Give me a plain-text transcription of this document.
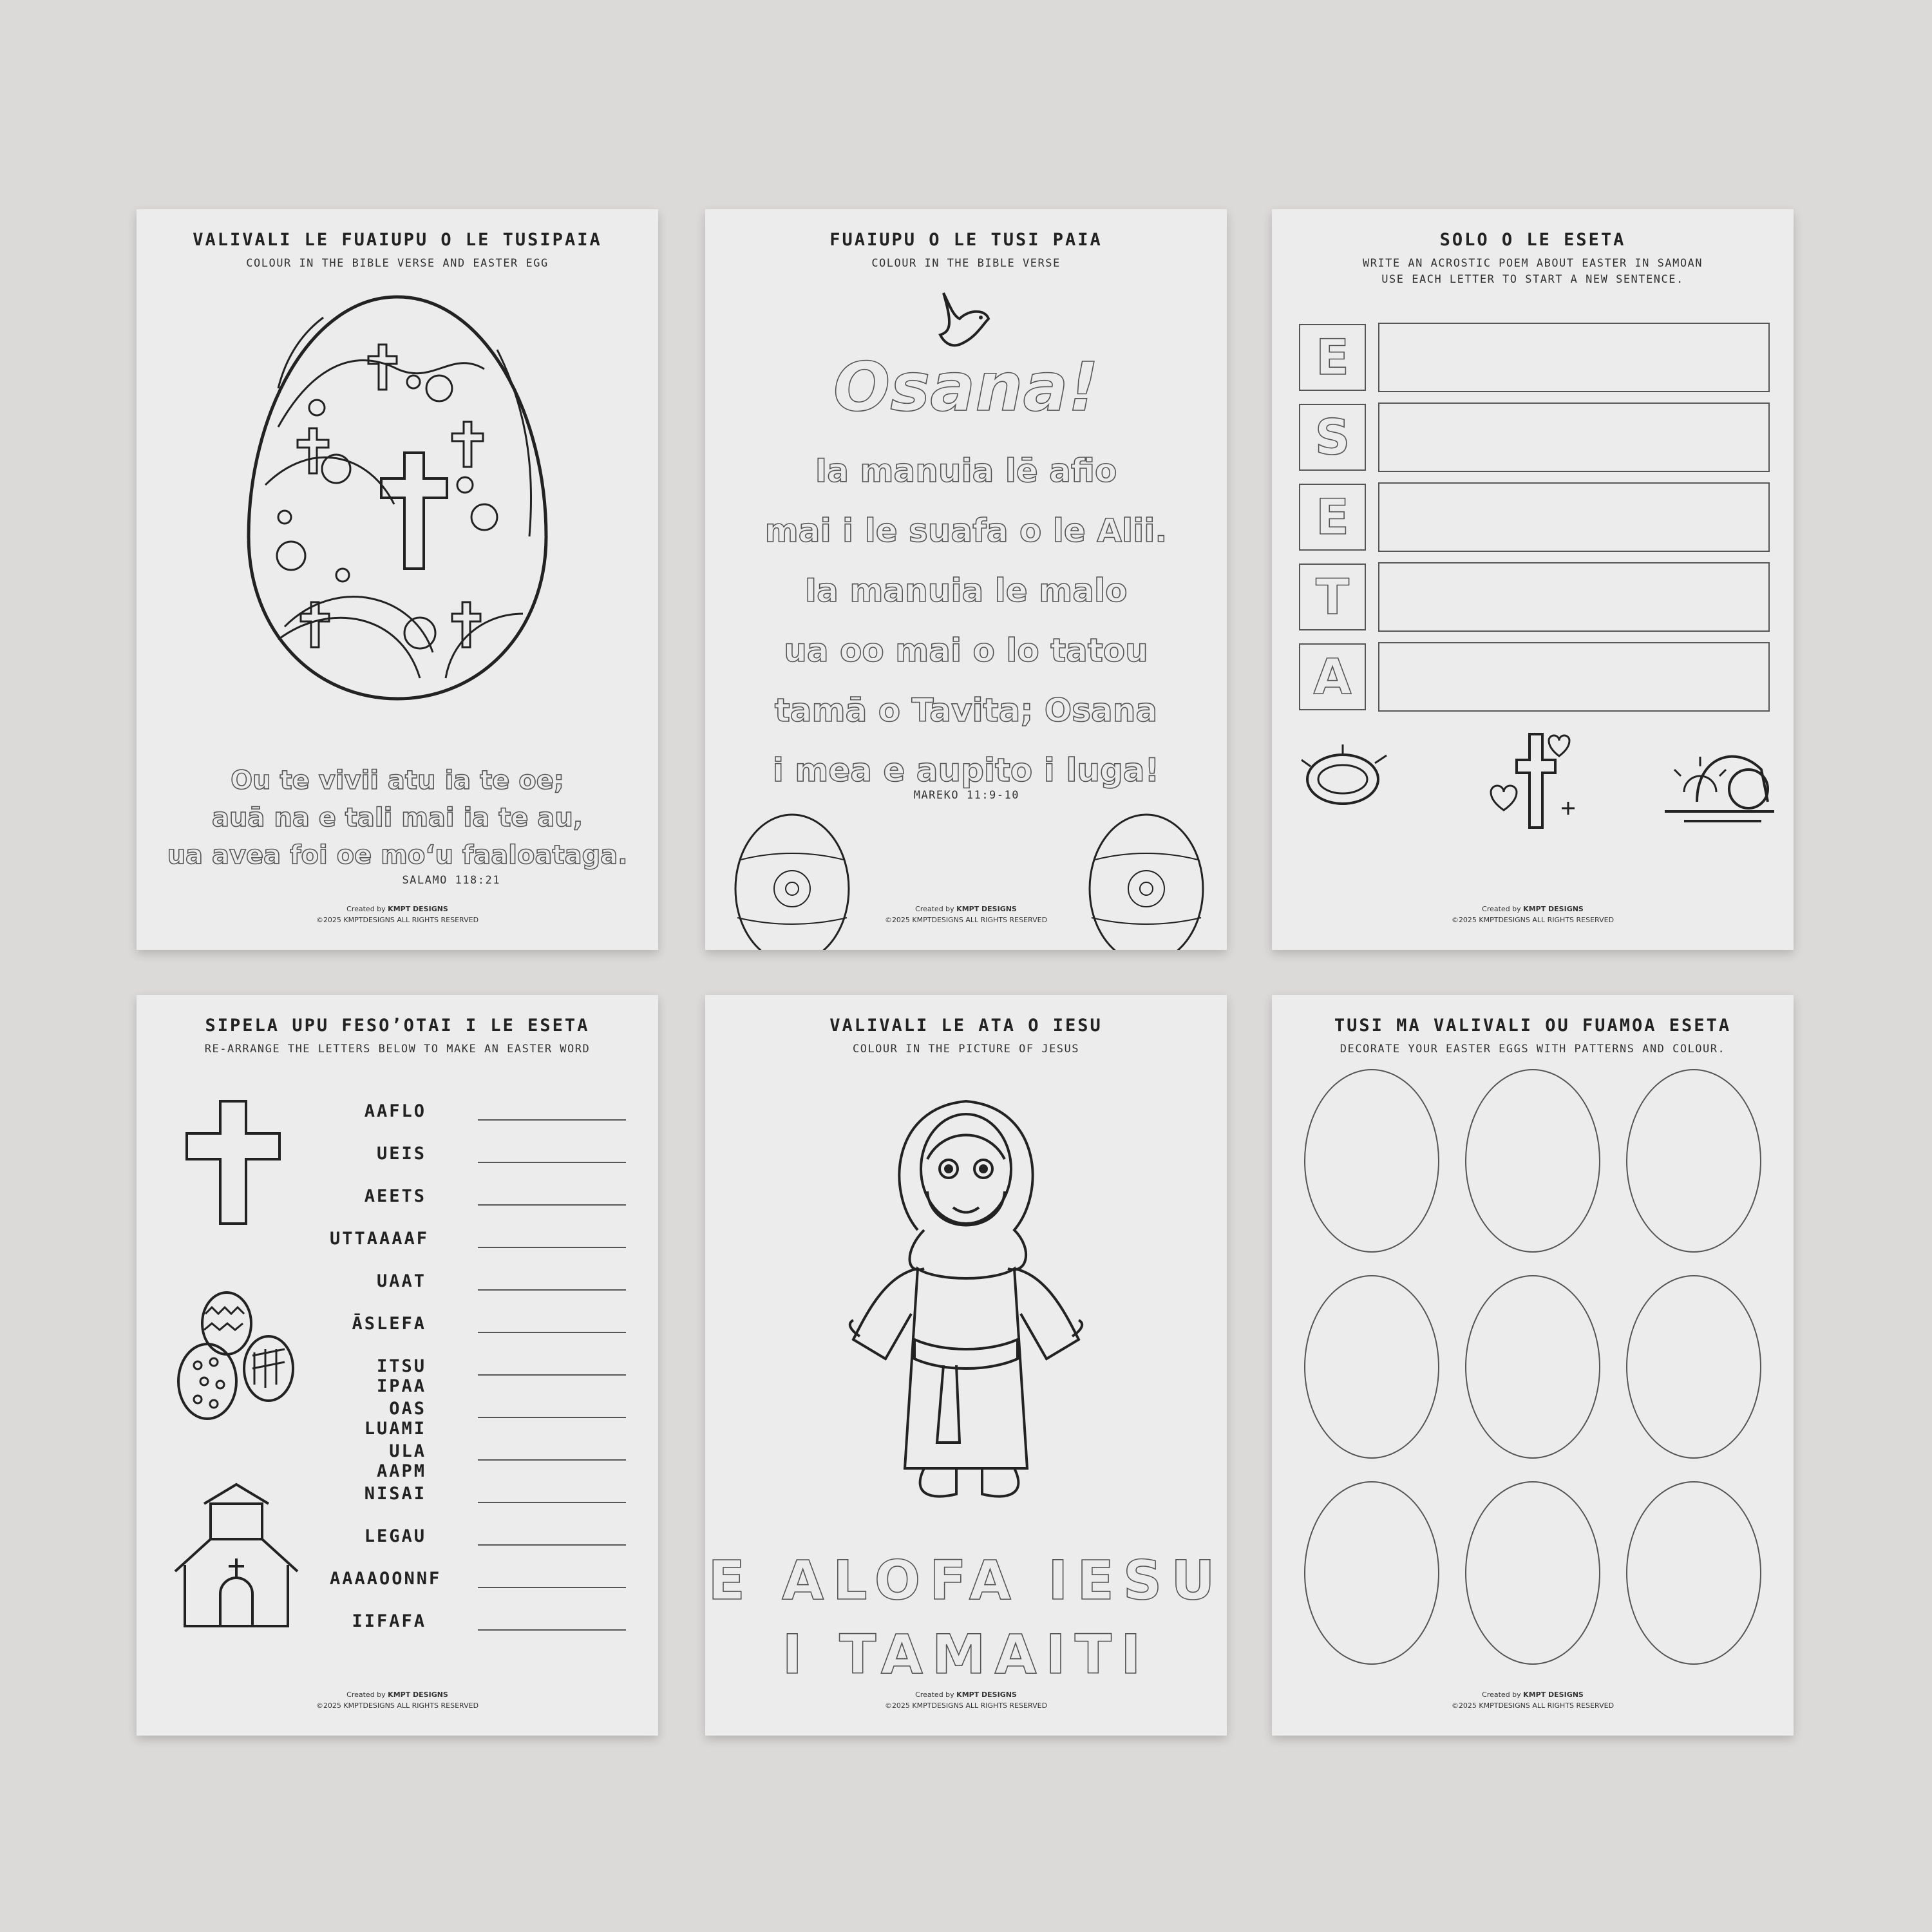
VALIVALI LE FUAIUPU O LE TUSIPAIA
COLOUR IN THE BIBLE VERSE AND EASTER EGG
Ou te vivii atu ia te oe;
auā na e tali mai ia te au,
ua avea foi oe mo‘u faaloataga.
SALAMO 118:21
Created by KMPT DESIGNS
©2025 KMPTDESIGNS ALL RIGHTS RESERVED
FUAIUPU O LE TUSI PAIA
COLOUR IN THE BIBLE VERSE
Osana!
Ia manuia lē afio
mai i le suafa o le Alii.
Ia manuia le malo
ua oo mai o lo tatou
tamā o Tavita; Osana
i mea e aupito i luga!
MAREKO 11:9-10
Created by KMPT DESIGNS
©2025 KMPTDESIGNS ALL RIGHTS RESERVED
SOLO O LE ESETA
WRITE AN ACROSTIC POEM ABOUT EASTER IN SAMOAN
USE EACH LETTER TO START A NEW SENTENCE.
E
S
E
T
A
Created by KMPT DESIGNS
©2025 KMPTDESIGNS ALL RIGHTS RESERVED
SIPELA UPU FESO’OTAI I LE ESETA
RE-ARRANGE THE LETTERS BELOW TO MAKE AN EASTER WORD
AAFLO
UEIS
AEETS
UTTAAAAF
UAAT
ĀSLEFA
ITSU IPAA
OAS LUAMI
ULA AAPM
NISAI
LEGAU
AAAAOONNF
IIFAFA
Created by KMPT DESIGNS
©2025 KMPTDESIGNS ALL RIGHTS RESERVED
VALIVALI LE ATA O IESU
COLOUR IN THE PICTURE OF JESUS
E ALOFA IESU
I TAMAITI
Created by KMPT DESIGNS
©2025 KMPTDESIGNS ALL RIGHTS RESERVED
TUSI MA VALIVALI OU FUAMOA ESETA
DECORATE YOUR EASTER EGGS WITH PATTERNS AND COLOUR.
Created by KMPT DESIGNS
©2025 KMPTDESIGNS ALL RIGHTS RESERVED
